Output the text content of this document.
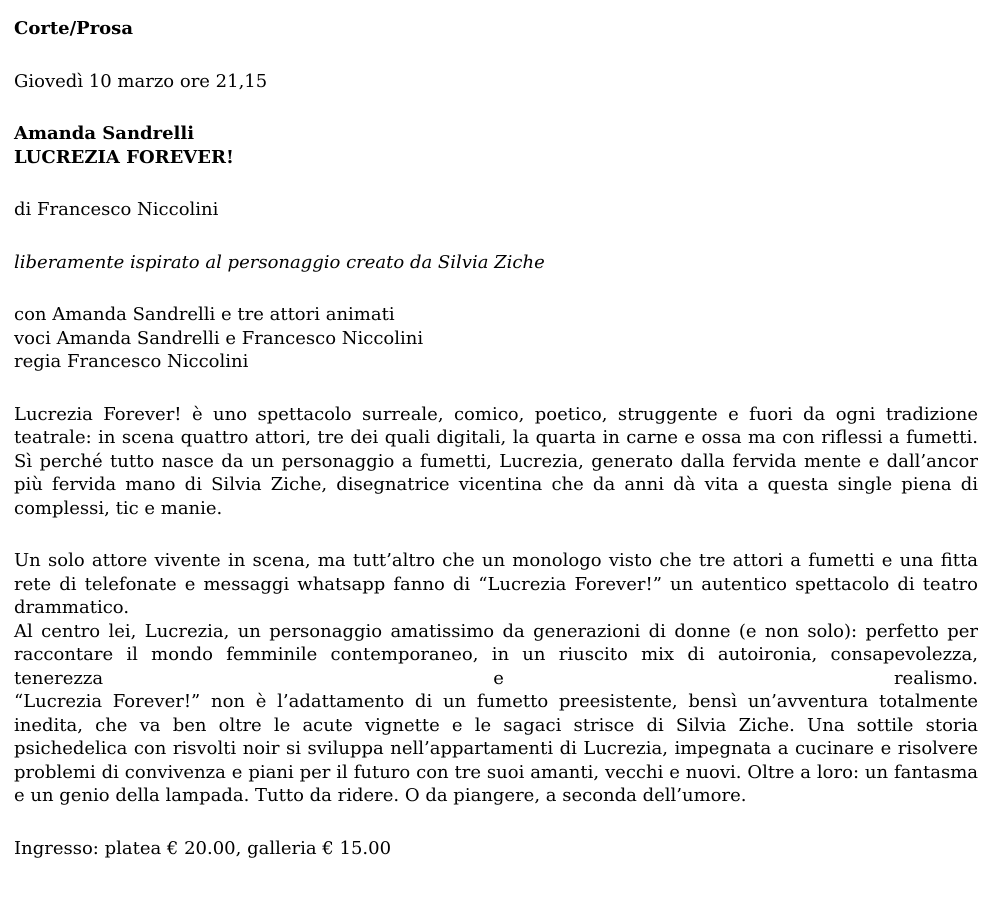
Corte/Prosa
Giovedì 10 marzo ore 21,15
Amanda Sandrelli
LUCREZIA FOREVER!
di Francesco Niccolini
liberamente ispirato al personaggio creato da Silvia Ziche
con Amanda Sandrelli e tre attori animati
voci Amanda Sandrelli e Francesco Niccolini
regia Francesco Niccolini
Lucrezia Forever! è uno spettacolo surreale, comico, poetico, struggente e fuori da ogni tradizione teatrale: in scena quattro attori, tre dei quali digitali, la quarta in carne e ossa ma con riflessi a fumetti. Sì perché tutto nasce da un personaggio a fumetti, Lucrezia, generato dalla fervida mente e dall’ancor più fervida mano di Silvia Ziche, disegnatrice vicentina che da anni dà vita a questa single piena di complessi, tic e manie.
Un solo attore vivente in scena, ma tutt’altro che un monologo visto che tre attori a fumetti e una fitta rete di telefonate e messaggi whatsapp fanno di “Lucrezia Forever!” un autentico spettacolo di teatro drammatico.
Al centro lei, Lucrezia, un personaggio amatissimo da generazioni di donne (e non solo): perfetto per raccontare il mondo femminile contemporaneo, in un riuscito mix di autoironia, consapevolezza, tenerezza e realismo.
“Lucrezia Forever!” non è l’adattamento di un fumetto preesistente, bensì un’avventura totalmente inedita, che va ben oltre le acute vignette e le sagaci strisce di Silvia Ziche. Una sottile storia psichedelica con risvolti noir si sviluppa nell’appartamenti di Lucrezia, impegnata a cucinare e risolvere problemi di convivenza e piani per il futuro con tre suoi amanti, vecchi e nuovi. Oltre a loro: un fantasma e un genio della lampada. Tutto da ridere. O da piangere, a seconda dell’umore.
Ingresso: platea € 20.00, galleria € 15.00
